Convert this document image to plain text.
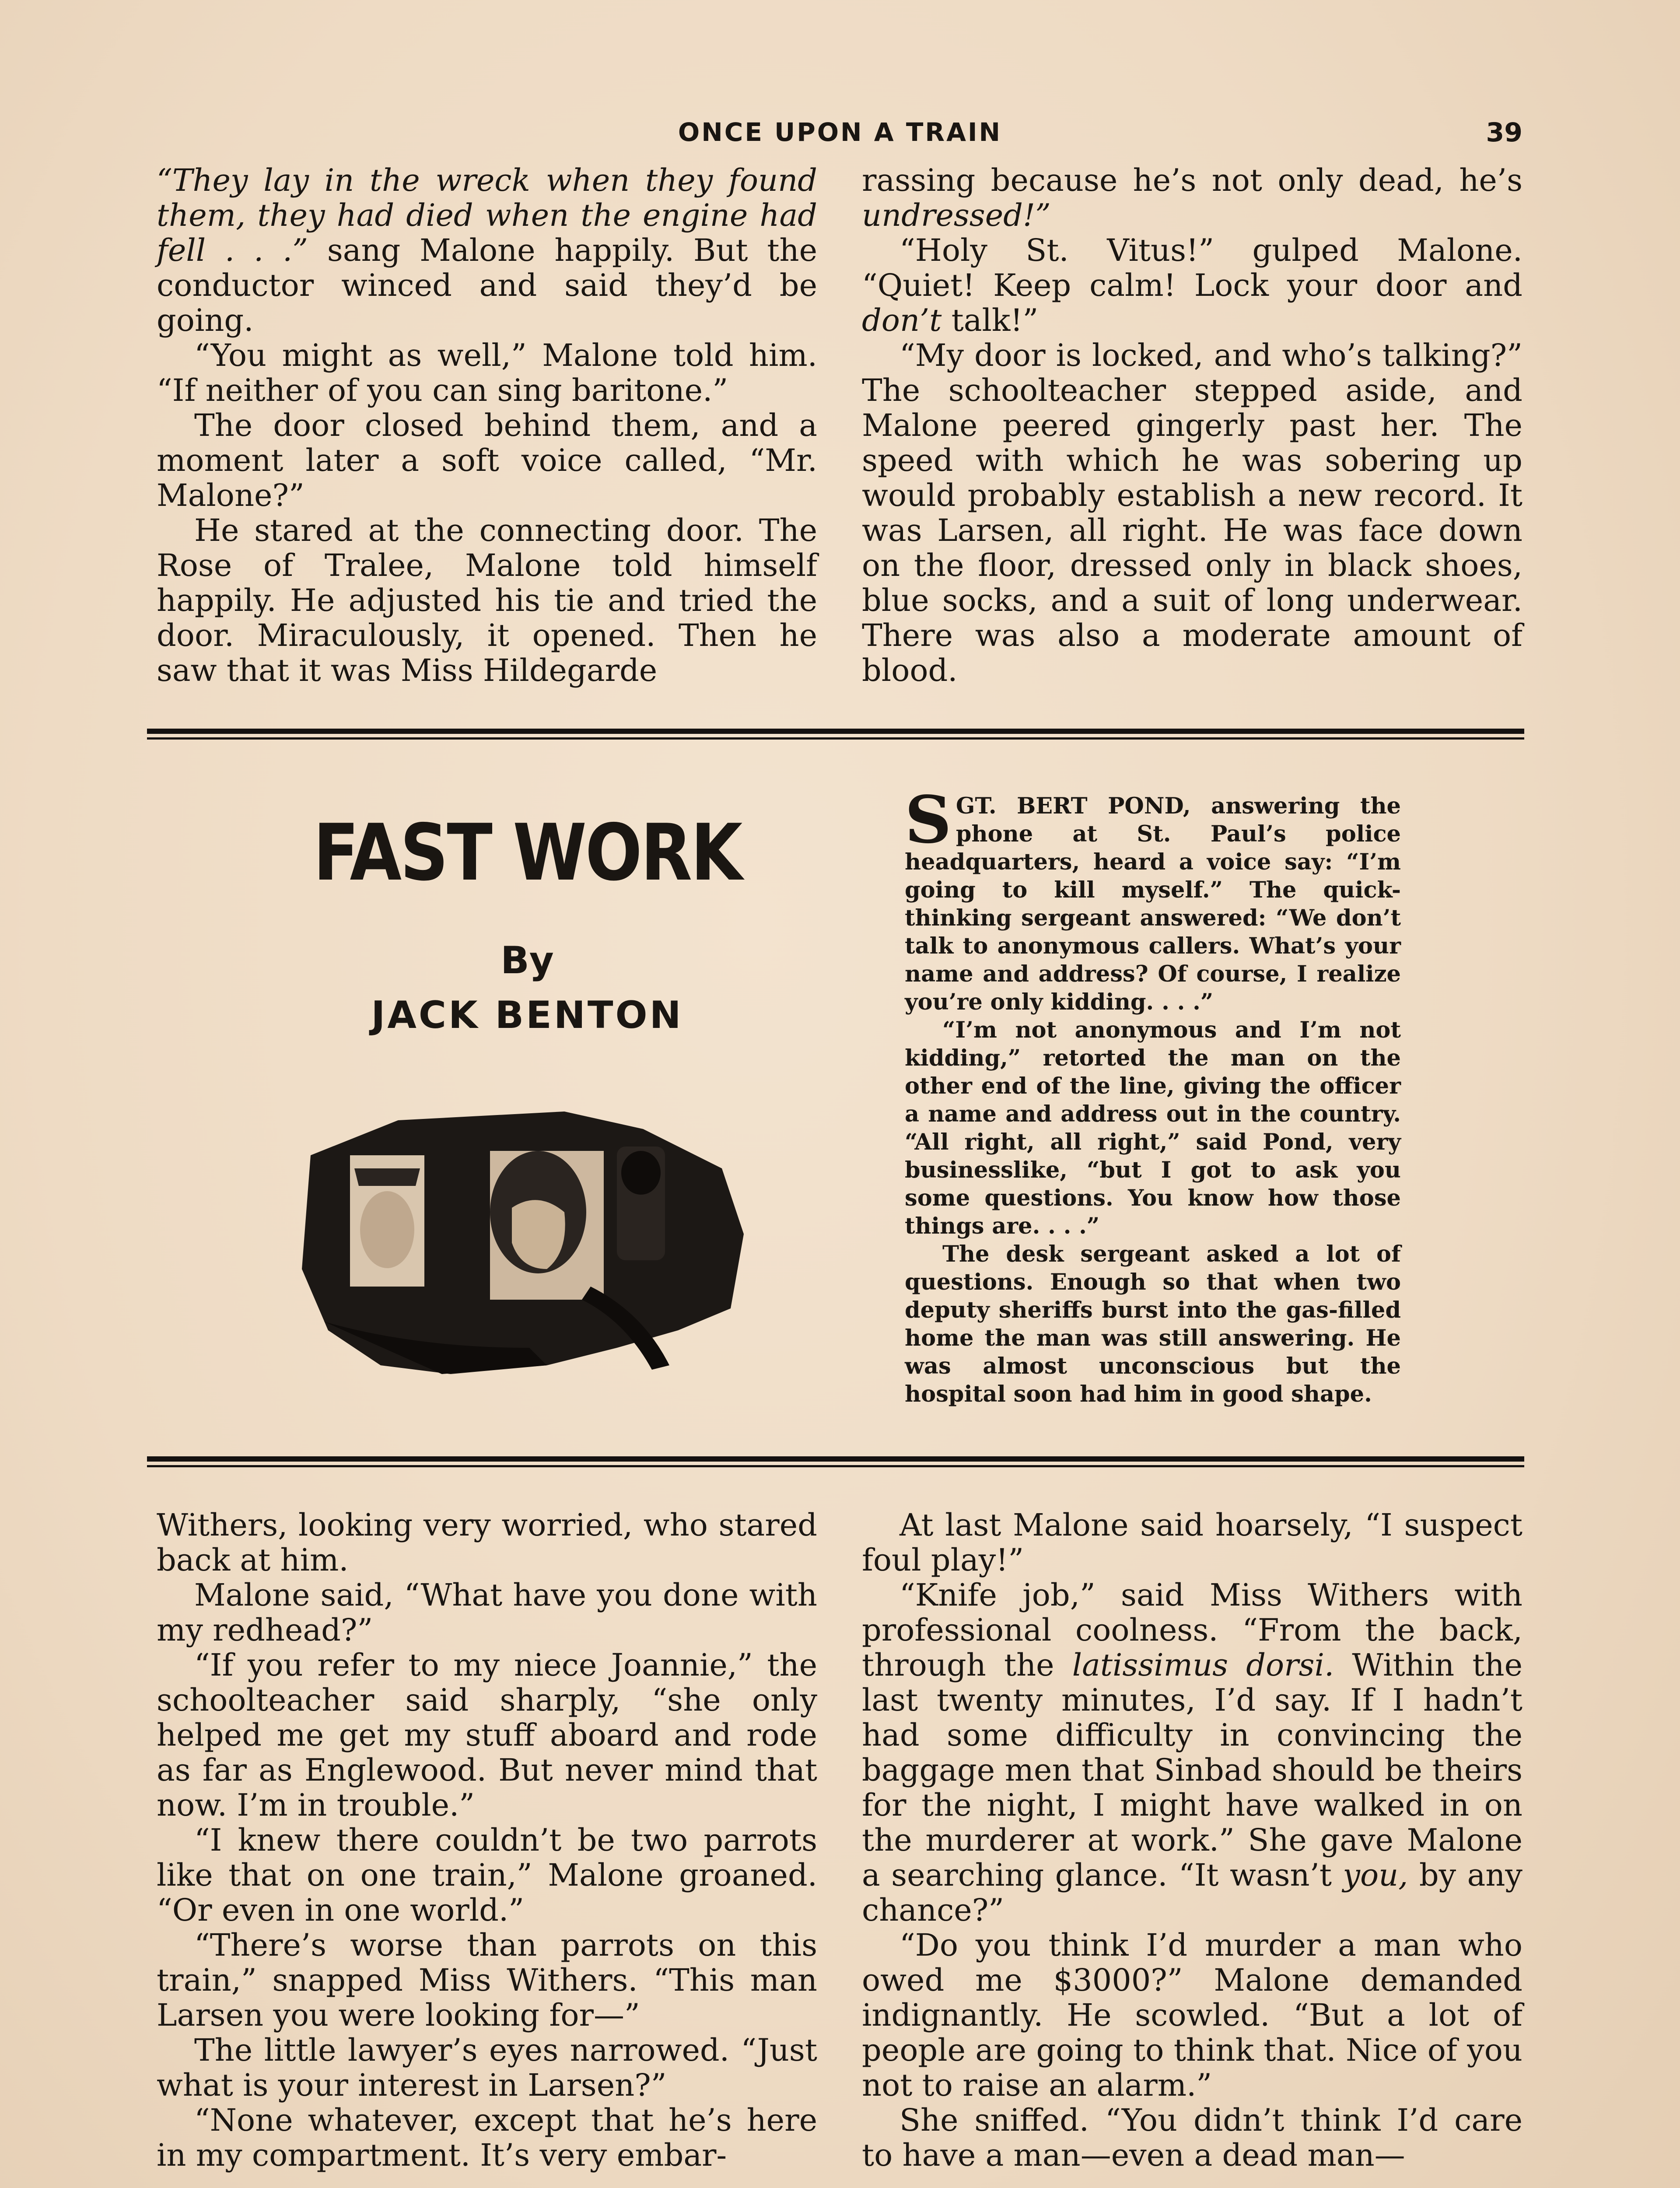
ONCE UPON A TRAIN	39

“They lay in the wreck when they found them, they had died when the engine had fell . . .” sang Malone happily. But the conductor winced and said they’d be going.

“You might as well,” Malone told him. “If neither of you can sing baritone.”

The door closed behind them, and a moment later a soft voice called, “Mr. Malone?”

He stared at the connecting door. The Rose of Tralee, Malone told himself happily. He adjusted his tie and tried the door. Miraculously, it opened. Then he saw that it was Miss Hildegarde

rassing because he’s not only dead, he’s undressed!”

“Holy St. Vitus!” gulped Malone. “Quiet! Keep calm! Lock your door and don’t talk!”

“My door is locked, and who’s talking?” The schoolteacher stepped aside, and Malone peered gingerly past her. The speed with which he was sobering up would probably establish a new record. It was Larsen, all right. He was face down on the floor, dressed only in black shoes, blue socks, and a suit of long underwear. There was also a moderate amount of blood.

FAST WORK
By
JACK BENTON

SGT. BERT POND, answering the phone at St. Paul’s police headquarters, heard a voice say: “I’m going to kill myself.” The quick-thinking sergeant answered: “We don’t talk to anonymous callers. What’s your name and address? Of course, I realize you’re only kidding. . . .”

“I’m not anonymous and I’m not kidding,” retorted the man on the other end of the line, giving the officer a name and address out in the country. “All right, all right,” said Pond, very businesslike, “but I got to ask you some questions. You know how those things are. . . .”

The desk sergeant asked a lot of questions. Enough so that when two deputy sheriffs burst into the gas-filled home the man was still answering. He was almost unconscious but the hospital soon had him in good shape.

Withers, looking very worried, who stared back at him.

Malone said, “What have you done with my redhead?”

“If you refer to my niece Joannie,” the schoolteacher said sharply, “she only helped me get my stuff aboard and rode as far as Englewood. But never mind that now. I’m in trouble.”

“I knew there couldn’t be two parrots like that on one train,” Malone groaned. “Or even in one world.”

“There’s worse than parrots on this train,” snapped Miss Withers. “This man Larsen you were looking for—”

The little lawyer’s eyes narrowed. “Just what is your interest in Larsen?”

“None whatever, except that he’s here in my compartment. It’s very embar-

At last Malone said hoarsely, “I suspect foul play!”

“Knife job,” said Miss Withers with professional coolness. “From the back, through the latissimus dorsi. Within the last twenty minutes, I’d say. If I hadn’t had some difficulty in convincing the baggage men that Sinbad should be theirs for the night, I might have walked in on the murderer at work.” She gave Malone a searching glance. “It wasn’t you, by any chance?”

“Do you think I’d murder a man who owed me $3000?” Malone demanded indignantly. He scowled. “But a lot of people are going to think that. Nice of you not to raise an alarm.”

She sniffed. “You didn’t think I’d care to have a man—even a dead man—
